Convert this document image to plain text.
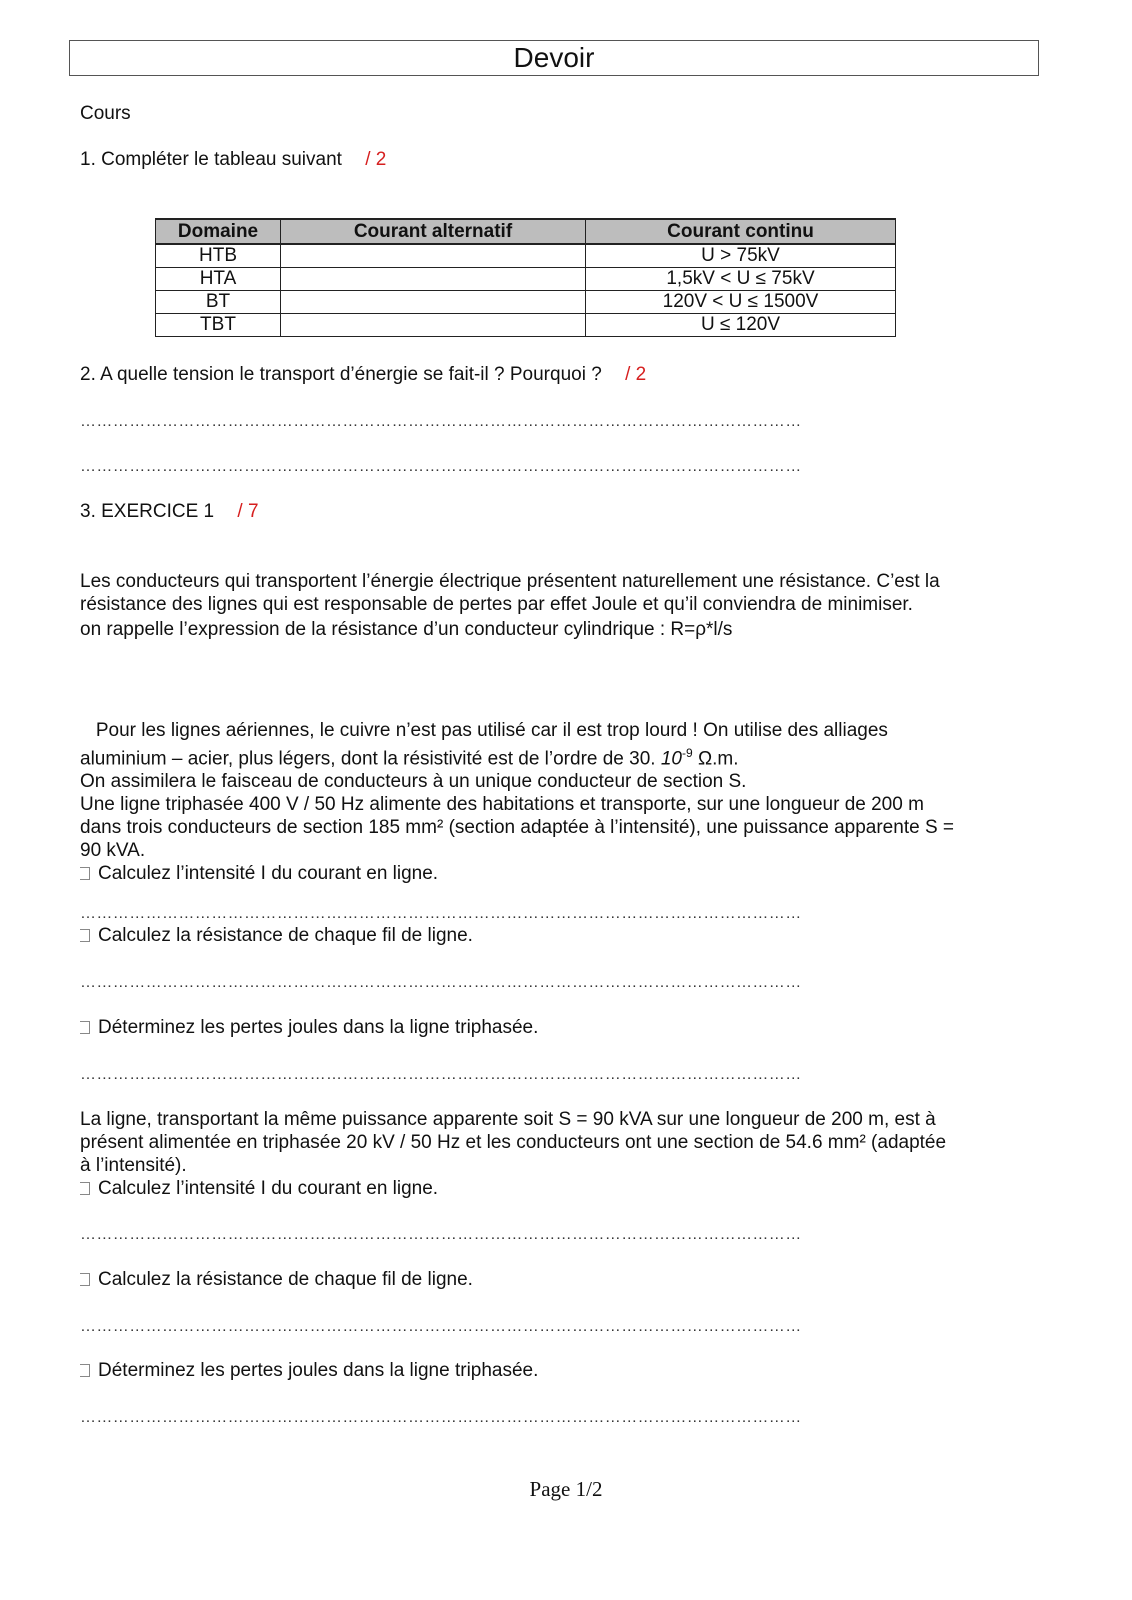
Devoir
Cours
1. Compléter le tableau suivant / 2
Domaine	Courant alternatif	Courant continu
HTB		U > 75kV
HTA		1,5kV < U ≤ 75kV
BT		120V < U ≤ 1500V
TBT		U ≤ 120V
2. A quelle tension le transport d’énergie se fait-il ? Pourquoi ? / 2
……………………………………………………………………………………………………………………
……………………………………………………………………………………………………………………
3. EXERCICE 1 / 7
Les conducteurs qui transportent l’énergie électrique présentent naturellement une résistance. C’est la
résistance des lignes qui est responsable de pertes par effet Joule et qu’il conviendra de minimiser.
on rappelle l’expression de la résistance d’un conducteur cylindrique : R=ρ*l/s
Pour les lignes aériennes, le cuivre n’est pas utilisé car il est trop lourd ! On utilise des alliages
aluminium – acier, plus légers, dont la résistivité est de l’ordre de 30. $10^{-9}$ Ω.m.
On assimilera le faisceau de conducteurs à un unique conducteur de section S.
Une ligne triphasée 400 V / 50 Hz alimente des habitations et transporte, sur une longueur de 200 m
dans trois conducteurs de section 185 mm² (section adaptée à l’intensité), une puissance apparente S =
90 kVA.
Calculez l’intensité I du courant en ligne.
……………………………………………………………………………………………………………………
Calculez la résistance de chaque fil de ligne.
……………………………………………………………………………………………………………………
Déterminez les pertes joules dans la ligne triphasée.
……………………………………………………………………………………………………………………
La ligne, transportant la même puissance apparente soit S = 90 kVA sur une longueur de 200 m, est à
présent alimentée en triphasée 20 kV / 50 Hz et les conducteurs ont une section de 54.6 mm² (adaptée
à l’intensité).
Calculez l’intensité I du courant en ligne.
……………………………………………………………………………………………………………………
Calculez la résistance de chaque fil de ligne.
……………………………………………………………………………………………………………………
Déterminez les pertes joules dans la ligne triphasée.
……………………………………………………………………………………………………………………
Page 1/2
